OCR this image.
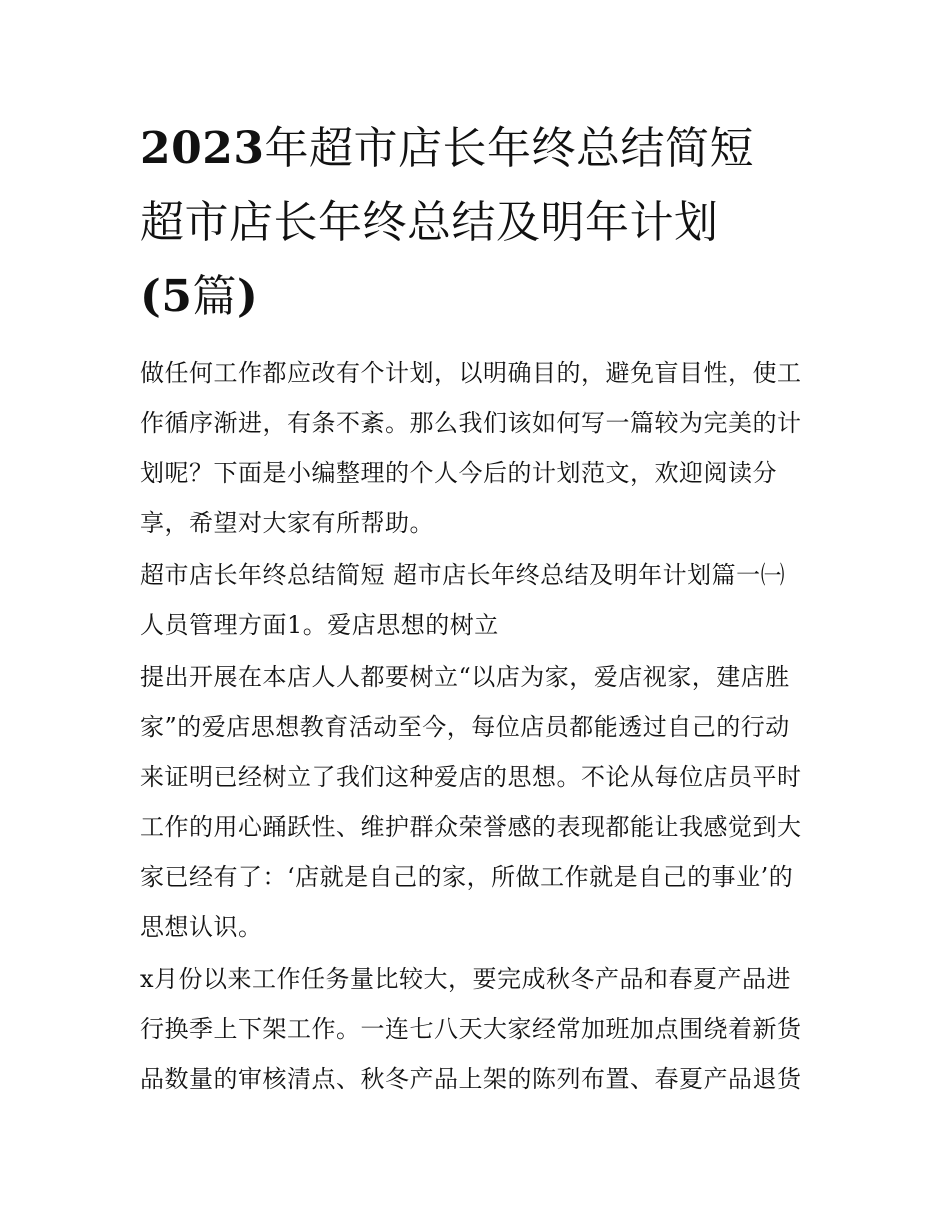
2023年超市店长年终总结简短
超市店长年终总结及明年计划
(5篇)

做任何工作都应改有个计划，以明确目的，避免盲目性，使工
作循序渐进，有条不紊。那么我们该如何写一篇较为完美的计
划呢？下面是小编整理的个人今后的计划范文，欢迎阅读分
享，希望对大家有所帮助。

超市店长年终总结简短 超市店长年终总结及明年计划篇一㈠
人员管理方面1。爱店思想的树立

提出开展在本店人人都要树立“以店为家，爱店视家，建店胜
家”的爱店思想教育活动至今，每位店员都能透过自己的行动
来证明已经树立了我们这种爱店的思想。不论从每位店员平时
工作的用心踊跃性、维护群众荣誉感的表现都能让我感觉到大
家已经有了：‘店就是自己的家，所做工作就是自己的事业’的
思想认识。

x月份以来工作任务量比较大，要完成秋冬产品和春夏产品进
行换季上下架工作。一连七八天大家经常加班加点围绕着新货
品数量的审核清点、秋冬产品上架的陈列布置、春夏产品退货
